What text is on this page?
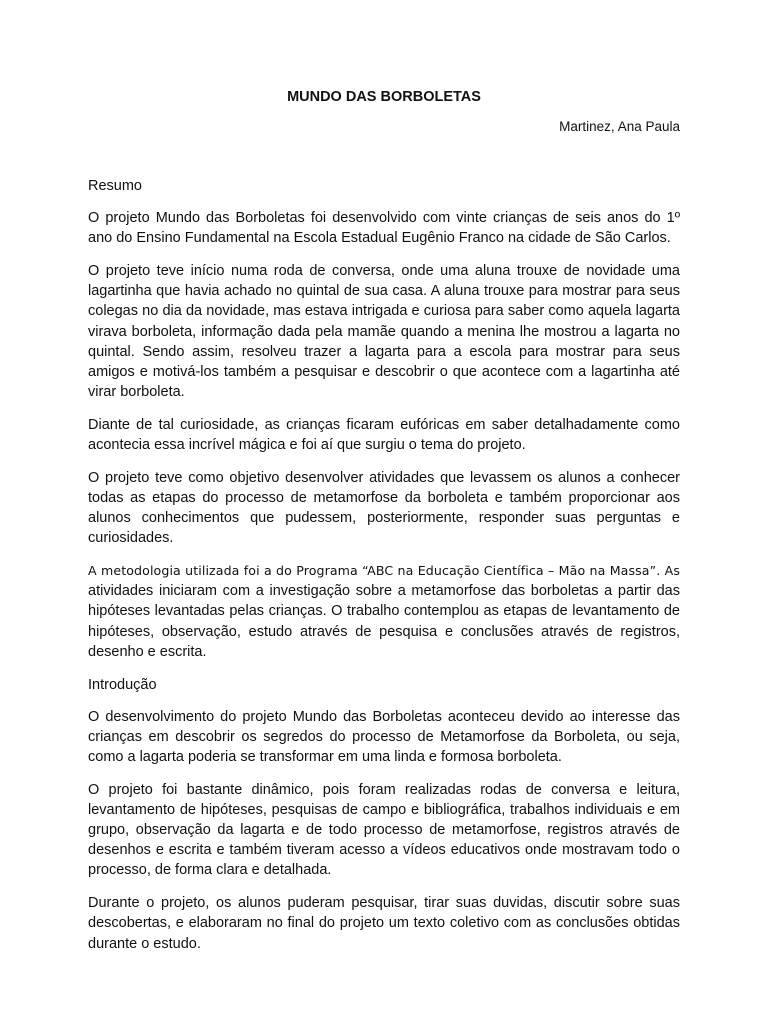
MUNDO DAS BORBOLETAS
Martinez, Ana Paula
Resumo

O projeto Mundo das Borboletas foi desenvolvido com vinte crianças de seis anos do 1º ano do Ensino Fundamental na Escola Estadual Eugênio Franco na cidade de São Carlos.

O projeto teve início numa roda de conversa, onde uma aluna trouxe de novidade uma lagartinha que havia achado no quintal de sua casa. A aluna trouxe para mostrar para seus colegas no dia da novidade, mas estava intrigada e curiosa para saber como aquela lagarta virava borboleta, informação dada pela mamãe quando a menina lhe mostrou a lagarta no quintal. Sendo assim, resolveu trazer a lagarta para a escola para mostrar para seus amigos e motivá-los também a pesquisar e descobrir o que acontece com a lagartinha até virar borboleta.

Diante de tal curiosidade, as crianças ficaram eufóricas em saber detalhadamente como acontecia essa incrível mágica e foi aí que surgiu o tema do projeto.

O projeto teve como objetivo desenvolver atividades que levassem os alunos a conhecer todas as etapas do processo de metamorfose da borboleta e também proporcionar aos alunos conhecimentos que pudessem, posteriormente, responder suas perguntas e curiosidades.

A metodologia utilizada foi a do Programa “ABC na Educação Científica – Mão na Massa”. As atividades iniciaram com a investigação sobre a metamorfose das borboletas a partir das hipóteses levantadas pelas crianças. O trabalho contemplou as etapas de levantamento de hipóteses, observação, estudo através de pesquisa e conclusões através de registros, desenho e escrita.

Introdução

O desenvolvimento do projeto Mundo das Borboletas aconteceu devido ao interesse das crianças em descobrir os segredos do processo de Metamorfose da Borboleta, ou seja, como a lagarta poderia se transformar em uma linda e formosa borboleta.

O projeto foi bastante dinâmico, pois foram realizadas rodas de conversa e leitura, levantamento de hipóteses, pesquisas de campo e bibliográfica, trabalhos individuais e em grupo, observação da lagarta e de todo processo de metamorfose, registros através de desenhos e escrita e também tiveram acesso a vídeos educativos onde mostravam todo o processo, de forma clara e detalhada.

Durante o projeto, os alunos puderam pesquisar, tirar suas duvidas, discutir sobre suas descobertas, e elaboraram no final do projeto um texto coletivo com as conclusões obtidas durante o estudo.
